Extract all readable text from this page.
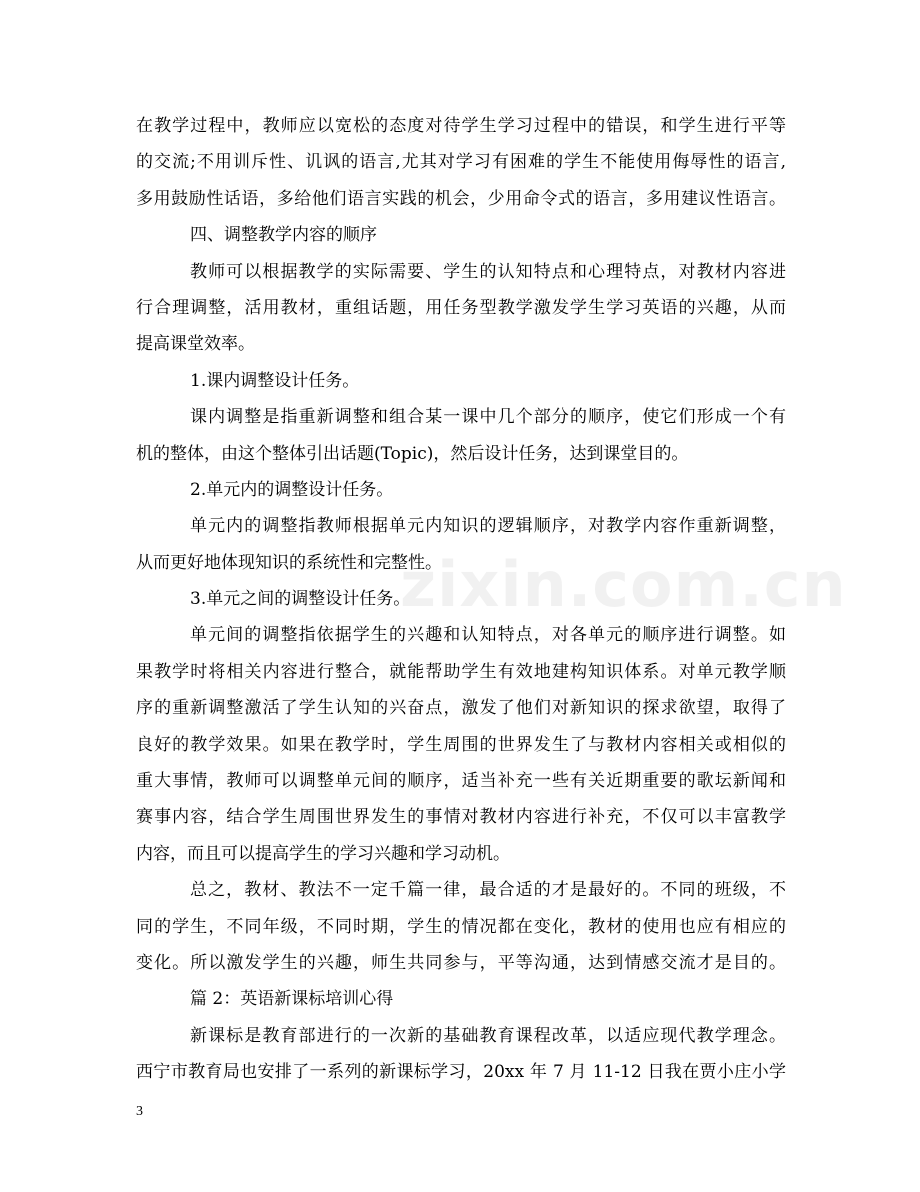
在教学过程中，教师应以宽松的态度对待学生学习过程中的错误，和学生进行平等
的交流;不用训斥性、讥讽的语言,尤其对学习有困难的学生不能使用侮辱性的语言,
多用鼓励性话语，多给他们语言实践的机会，少用命令式的语言，多用建议性语言。
四、调整教学内容的顺序
教师可以根据教学的实际需要、学生的认知特点和心理特点，对教材内容进
行合理调整，活用教材，重组话题，用任务型教学激发学生学习英语的兴趣，从而
提高课堂效率。
1.课内调整设计任务。
课内调整是指重新调整和组合某一课中几个部分的顺序，使它们形成一个有
机的整体，由这个整体引出话题(Topic)，然后设计任务，达到课堂目的。
2.单元内的调整设计任务。
单元内的调整指教师根据单元内知识的逻辑顺序，对教学内容作重新调整，
从而更好地体现知识的系统性和完整性。
3.单元之间的调整设计任务。
单元间的调整指依据学生的兴趣和认知特点，对各单元的顺序进行调整。如
果教学时将相关内容进行整合，就能帮助学生有效地建构知识体系。对单元教学顺
序的重新调整激活了学生认知的兴奋点，激发了他们对新知识的探求欲望，取得了
良好的教学效果。如果在教学时，学生周围的世界发生了与教材内容相关或相似的
重大事情，教师可以调整单元间的顺序，适当补充一些有关近期重要的歌坛新闻和
赛事内容，结合学生周围世界发生的事情对教材内容进行补充，不仅可以丰富教学
内容，而且可以提高学生的学习兴趣和学习动机。
总之，教材、教法不一定千篇一律，最合适的才是最好的。不同的班级，不
同的学生，不同年级，不同时期，学生的情况都在变化，教材的使用也应有相应的
变化。所以激发学生的兴趣，师生共同参与，平等沟通，达到情感交流才是目的。
篇 2：英语新课标培训心得
新课标是教育部进行的一次新的基础教育课程改革，以适应现代教学理念。
西宁市教育局也安排了一系列的新课标学习，20xx 年 7 月 11-12 日我在贾小庄小学
zixin.com.cn
3
